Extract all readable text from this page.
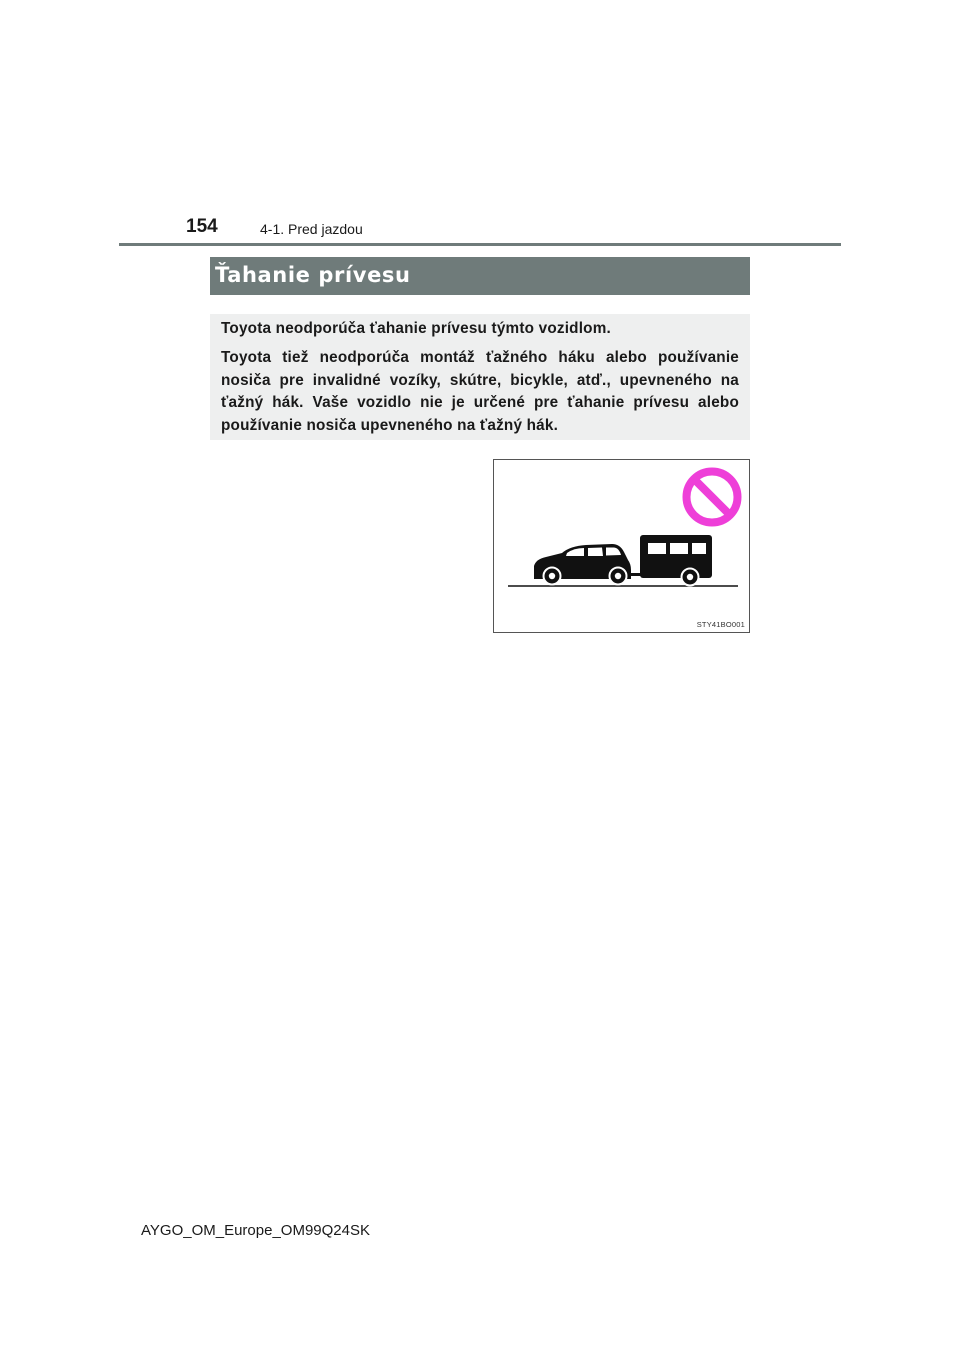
154	4-1. Pred jazdou
Ťahanie prívesu

Toyota neodporúča ťahanie prívesu týmto vozidlom.

Toyota tiež neodporúča montáž ťažného háku alebo používanie nosiča pre invalidné vozíky, skútre, bicykle, atď., upevneného na ťažný hák. Vaše vozidlo nie je určené pre ťahanie prívesu alebo používanie nosiča upevneného na ťažný hák.

STY41BO001
AYGO_OM_Europe_OM99Q24SK
